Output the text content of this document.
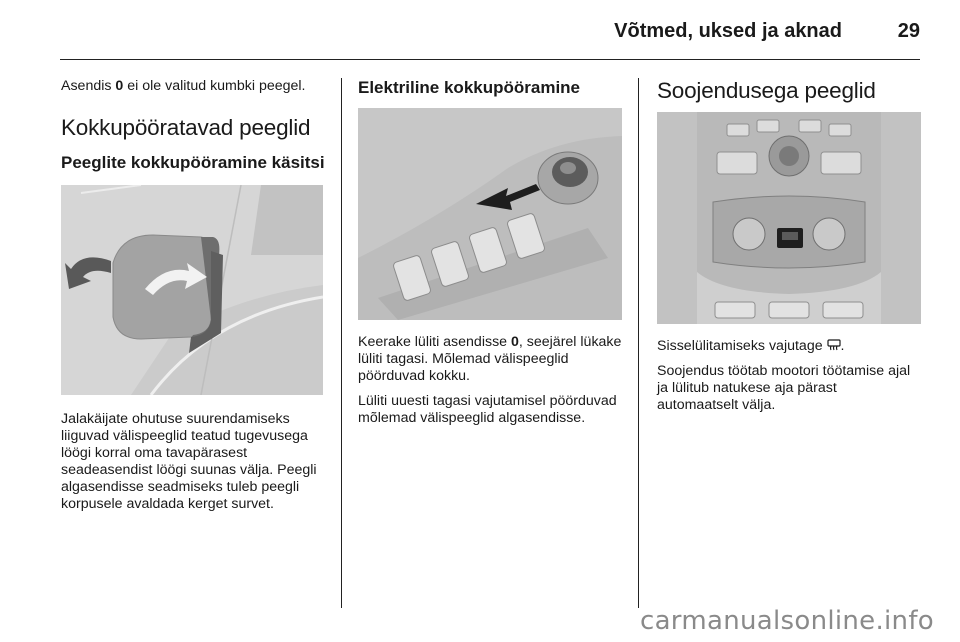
Võtmed, uksed ja aknad	29

Asendis 0 ei ole valitud kumbki peegel.

Kokkupööratavad peeglid
Peeglite kokkupööramine käsitsi

Jalakäijate ohutuse suurendamiseks liiguvad välispeeglid teatud tugevusega löögi korral oma tavapärasest seadeasendist löögi suunas välja. Peegli algasendisse seadmiseks tuleb peegli korpusele avaldada kerget survet.

Elektriline kokkupööramine

Keerake lüliti asendisse 0, seejärel lükake lüliti tagasi. Mõlemad välispeeglid pöörduvad kokku.

Lüliti uuesti tagasi vajutamisel pöörduvad mõlemad välispeeglid algasendisse.

Soojendusega peeglid

Sisselülitamiseks vajutage .

Soojendus töötab mootori töötamise ajal ja lülitub natukese aja pärast automaatselt välja.

carmanualsonline.info
